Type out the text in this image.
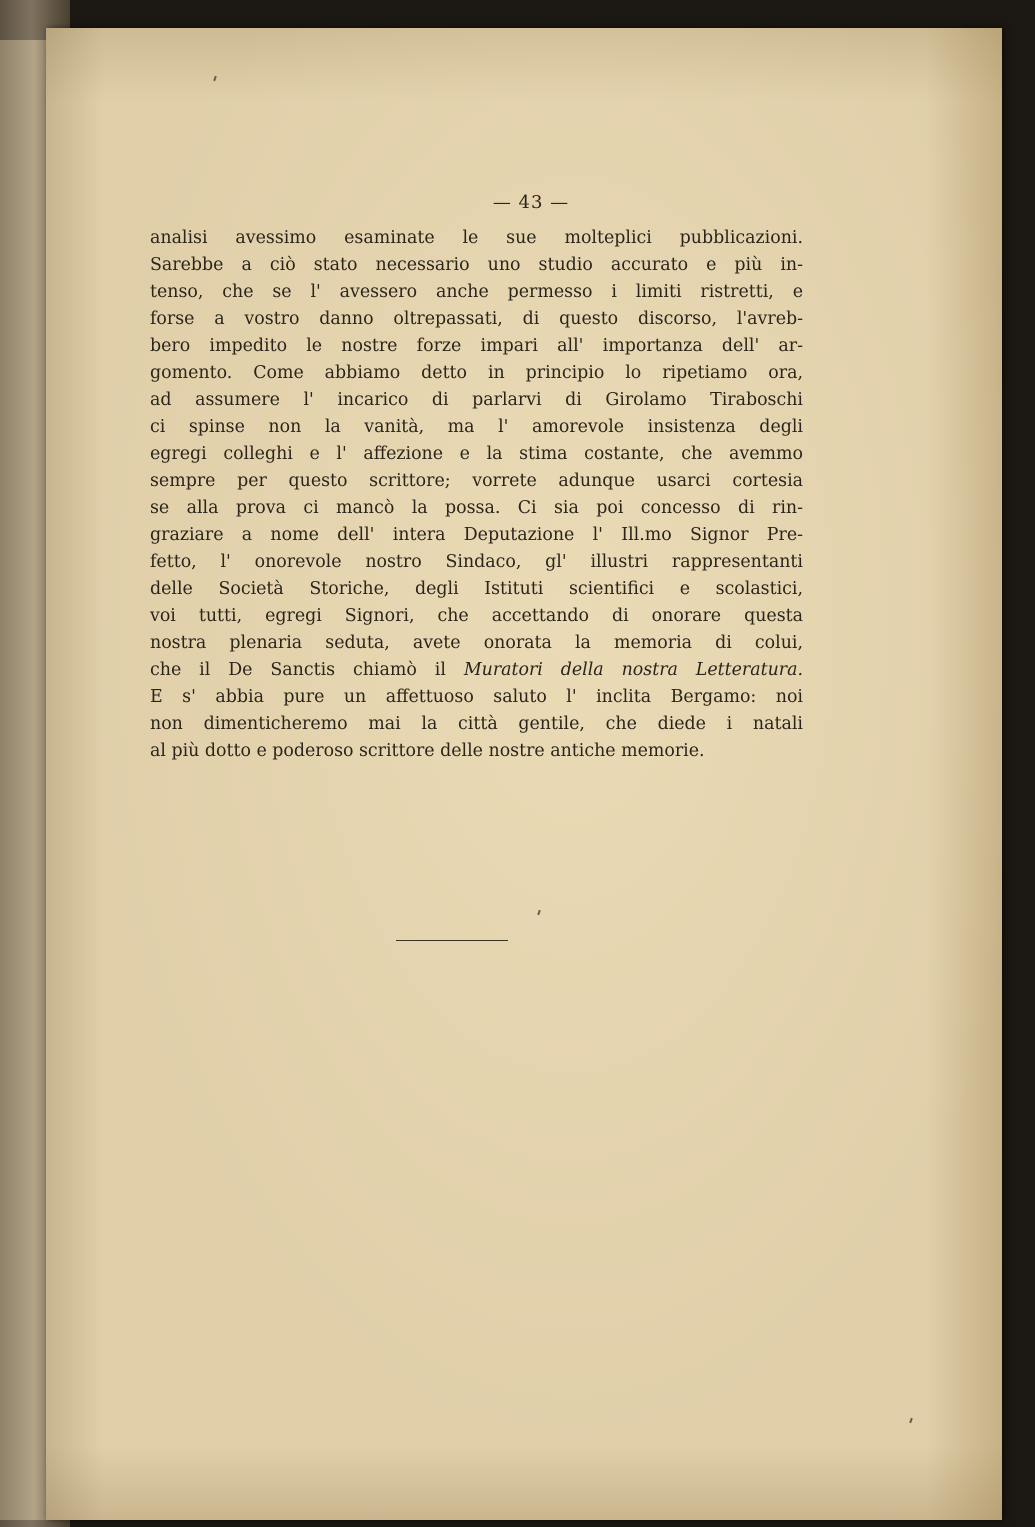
— 43 —
analisi avessimo esaminate le sue molteplici pubblicazioni.
Sarebbe a ciò stato necessario uno studio accurato e più in-
tenso, che se l' avessero anche permesso i limiti ristretti, e
forse a vostro danno oltrepassati, di questo discorso, l'avreb-
bero impedito le nostre forze impari all' importanza dell' ar-
gomento. Come abbiamo detto in principio lo ripetiamo ora,
ad assumere l' incarico di parlarvi di Girolamo Tiraboschi
ci spinse non la vanità, ma l' amorevole insistenza degli
egregi colleghi e l' affezione e la stima costante, che avemmo
sempre per questo scrittore; vorrete adunque usarci cortesia
se alla prova ci mancò la possa. Ci sia poi concesso di rin-
graziare a nome dell' intera Deputazione l' Ill.mo Signor Pre-
fetto, l' onorevole nostro Sindaco, gl' illustri rappresentanti
delle Società Storiche, degli Istituti scientifici e scolastici,
voi tutti, egregi Signori, che accettando di onorare questa
nostra plenaria seduta, avete onorata la memoria di colui,
che il De Sanctis chiamò il Muratori della nostra Letteratura.
E s' abbia pure un affettuoso saluto l' inclita Bergamo: noi
non dimenticheremo mai la città gentile, che diede i natali
al più dotto e poderoso scrittore delle nostre antiche memorie.
